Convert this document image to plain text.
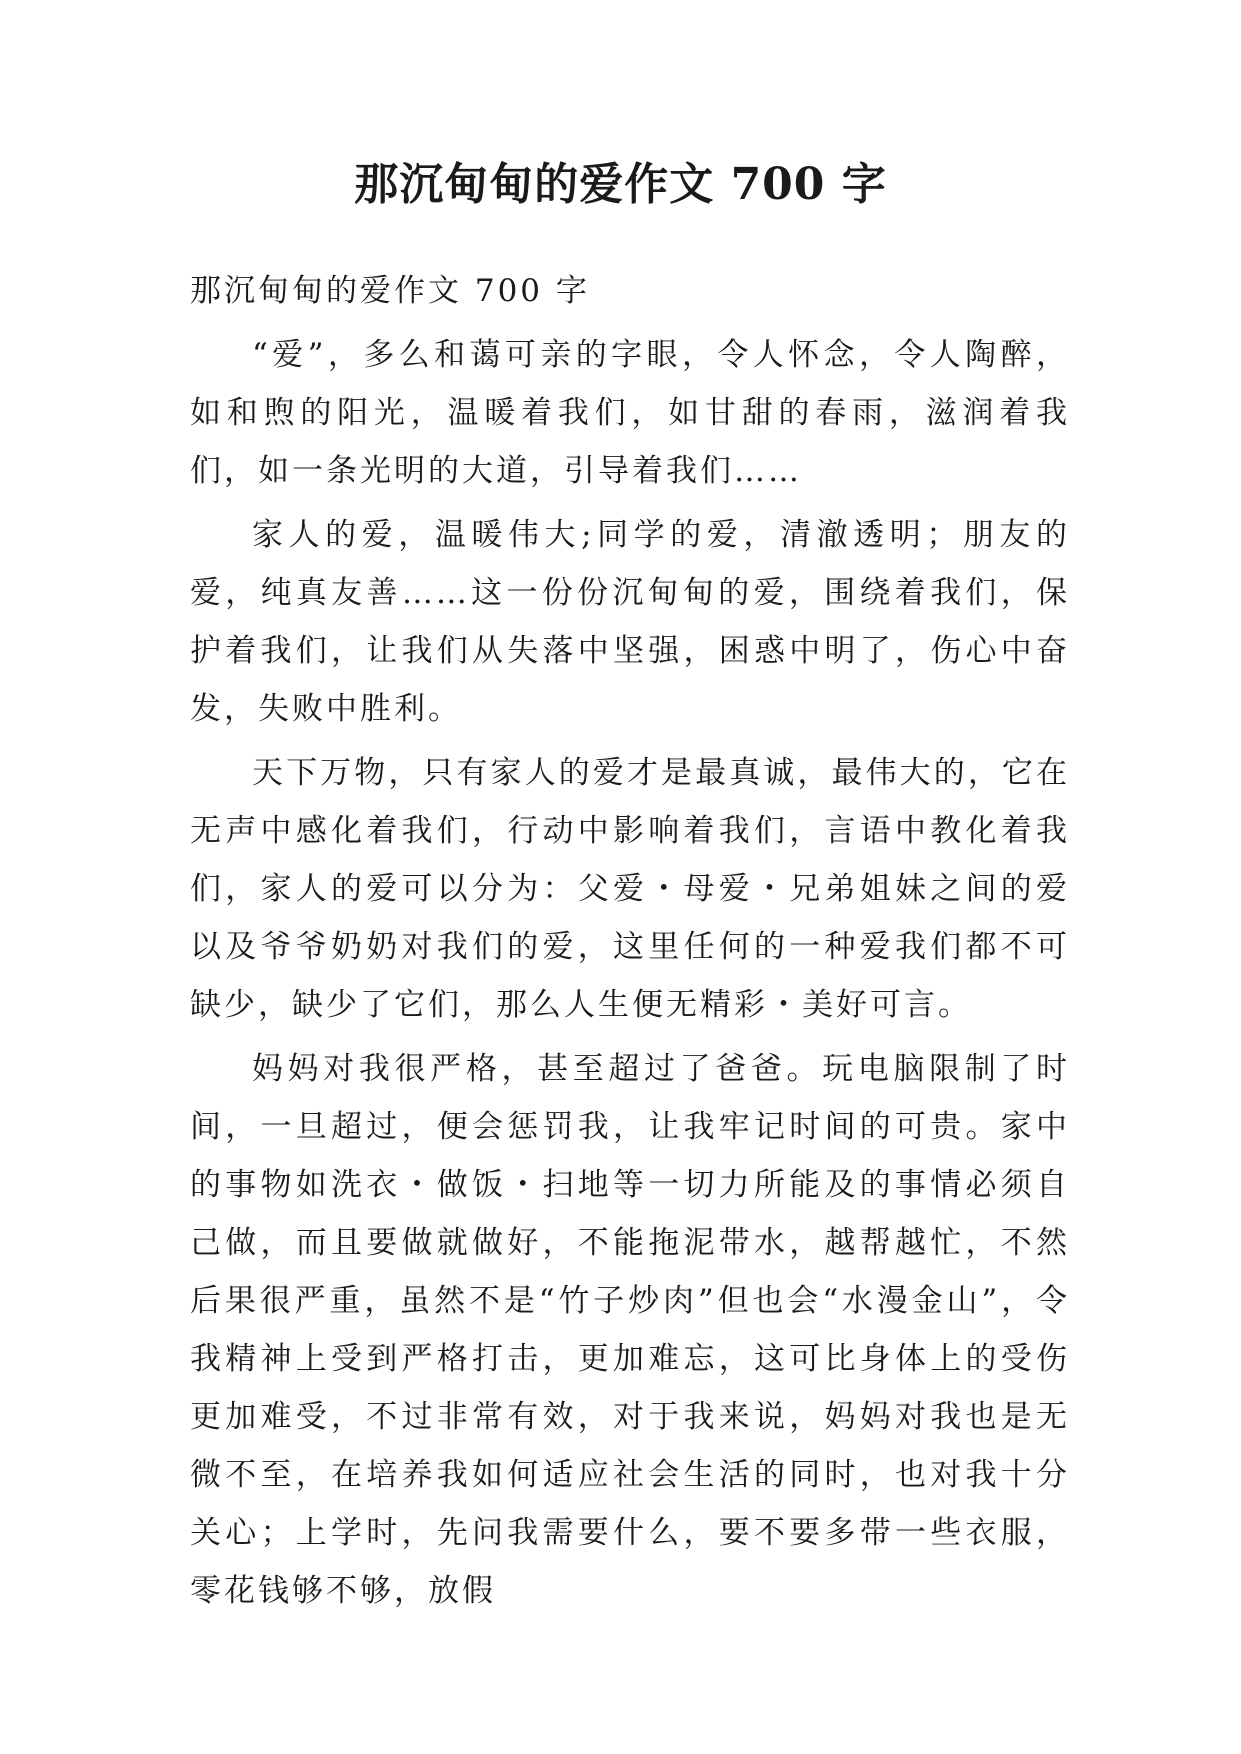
那沉甸甸的爱作文 700 字

那沉甸甸的爱作文 700 字

“爱”，多么和蔼可亲的字眼，令人怀念，令人陶醉，如和煦的阳光，温暖着我们，如甘甜的春雨，滋润着我们，如一条光明的大道，引导着我们……

家人的爱，温暖伟大;同学的爱，清澈透明；朋友的爱，纯真友善……这一份份沉甸甸的爱，围绕着我们，保护着我们，让我们从失落中坚强，困惑中明了，伤心中奋发，失败中胜利。

天下万物，只有家人的爱才是最真诚，最伟大的，它在无声中感化着我们，行动中影响着我们，言语中教化着我们，家人的爱可以分为：父爱・母爱・兄弟姐妹之间的爱以及爷爷奶奶对我们的爱，这里任何的一种爱我们都不可缺少，缺少了它们，那么人生便无精彩・美好可言。

妈妈对我很严格，甚至超过了爸爸。玩电脑限制了时间，一旦超过，便会惩罚我，让我牢记时间的可贵。家中的事物如洗衣・做饭・扫地等一切力所能及的事情必须自己做，而且要做就做好，不能拖泥带水，越帮越忙，不然后果很严重，虽然不是“竹子炒肉”但也会“水漫金山”，令我精神上受到严格打击，更加难忘，这可比身体上的受伤更加难受，不过非常有效，对于我来说，妈妈对我也是无微不至，在培养我如何适应社会生活的同时，也对我十分关心；上学时，先问我需要什么，要不要多带一些衣服，零花钱够不够，放假
